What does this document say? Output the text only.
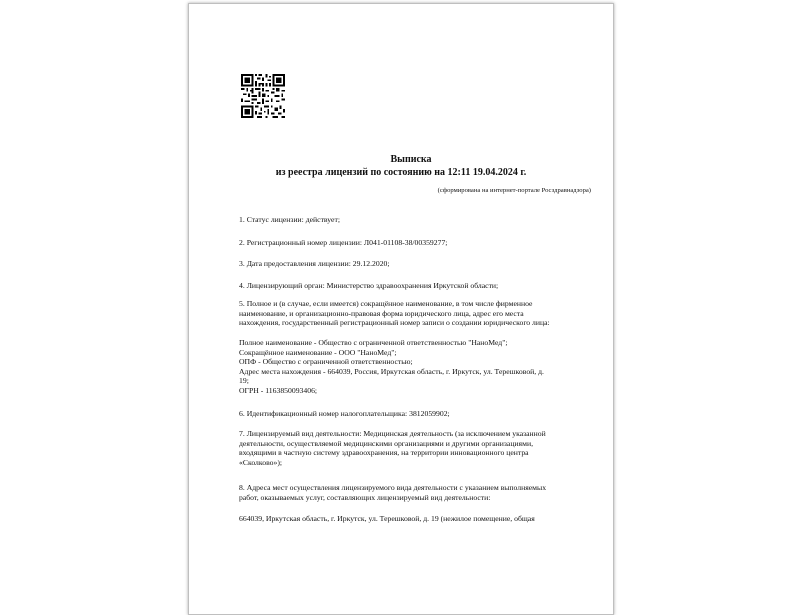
Выписка
из реестра лицензий по состоянию на 12:11 19.04.2024 г.
(сформирована на интернет-портале Росздравнадзора)

1. Статус лицензии: действует;

2. Регистрационный номер лицензии: Л041-01108-38/00359277;

3. Дата предоставления лицензии: 29.12.2020;

4. Лицензирующий орган: Министерство здравоохранения Иркутской области;

5. Полное и (в случае, если имеется) сокращённое наименование, в том числе фирменное
наименование, и организационно-правовая форма юридического лица, адрес его места
нахождения, государственный регистрационный номер записи о создании юридического лица:

Полное наименование - Общество с ограниченной ответственностью "НаноМед";
Сокращённое наименование - ООО "НаноМед";
ОПФ - Общество с ограниченной ответственностью;
Адрес места нахождения - 664039, Россия, Иркутская область, г. Иркутск, ул. Терешковой, д.
19;
ОГРН - 1163850093406;

6. Идентификационный номер налогоплательщика: 3812059902;

7. Лицензируемый вид деятельности: Медицинская деятельность (за исключением указанной
деятельности, осуществляемой медицинскими организациями и другими организациями,
входящими в частную систему здравоохранения, на территории инновационного центра
«Сколково»);

8. Адреса мест осуществления лицензируемого вида деятельности с указанием выполняемых
работ, оказываемых услуг, составляющих лицензируемый вид деятельности:

664039, Иркутская область, г. Иркутск, ул. Терешковой, д. 19 (нежилое помещение, общая
